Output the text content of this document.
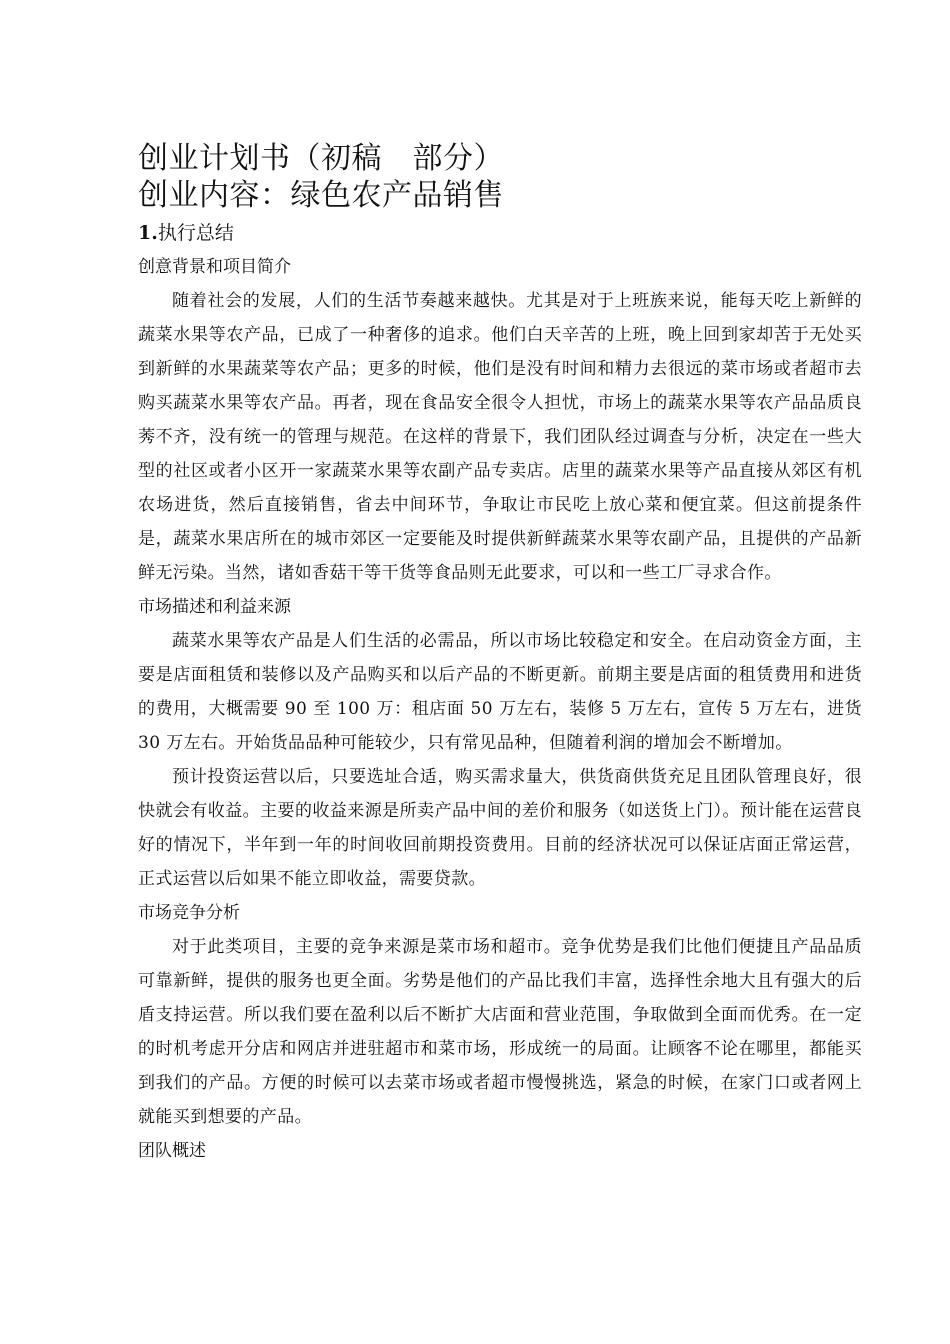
创业计划书（初稿　部分）
创业内容：绿色农产品销售
1.执行总结
创意背景和项目简介

随着社会的发展，人们的生活节奏越来越快。尤其是对于上班族来说，能每天吃上新鲜的蔬菜水果等农产品，已成了一种奢侈的追求。他们白天辛苦的上班，晚上回到家却苦于无处买到新鲜的水果蔬菜等农产品；更多的时候，他们是没有时间和精力去很远的菜市场或者超市去购买蔬菜水果等农产品。再者，现在食品安全很令人担忧，市场上的蔬菜水果等农产品品质良莠不齐，没有统一的管理与规范。在这样的背景下，我们团队经过调查与分析，决定在一些大型的社区或者小区开一家蔬菜水果等农副产品专卖店。店里的蔬菜水果等产品直接从郊区有机农场进货，然后直接销售，省去中间环节，争取让市民吃上放心菜和便宜菜。但这前提条件是，蔬菜水果店所在的城市郊区一定要能及时提供新鲜蔬菜水果等农副产品，且提供的产品新鲜无污染。当然，诸如香菇干等干货等食品则无此要求，可以和一些工厂寻求合作。

市场描述和利益来源

蔬菜水果等农产品是人们生活的必需品，所以市场比较稳定和安全。在启动资金方面，主要是店面租赁和装修以及产品购买和以后产品的不断更新。前期主要是店面的租赁费用和进货的费用，大概需要 90 至 100 万：租店面 50 万左右，装修 5 万左右，宣传 5 万左右，进货 30 万左右。开始货品品种可能较少，只有常见品种，但随着利润的增加会不断增加。

预计投资运营以后，只要选址合适，购买需求量大，供货商供货充足且团队管理良好，很快就会有收益。主要的收益来源是所卖产品中间的差价和服务（如送货上门）。预计能在运营良好的情况下，半年到一年的时间收回前期投资费用。目前的经济状况可以保证店面正常运营，正式运营以后如果不能立即收益，需要贷款。

市场竞争分析

对于此类项目，主要的竞争来源是菜市场和超市。竞争优势是我们比他们便捷且产品品质可靠新鲜，提供的服务也更全面。劣势是他们的产品比我们丰富，选择性余地大且有强大的后盾支持运营。所以我们要在盈利以后不断扩大店面和营业范围，争取做到全面而优秀。在一定的时机考虑开分店和网店并进驻超市和菜市场，形成统一的局面。让顾客不论在哪里，都能买到我们的产品。方便的时候可以去菜市场或者超市慢慢挑选，紧急的时候，在家门口或者网上就能买到想要的产品。

团队概述
